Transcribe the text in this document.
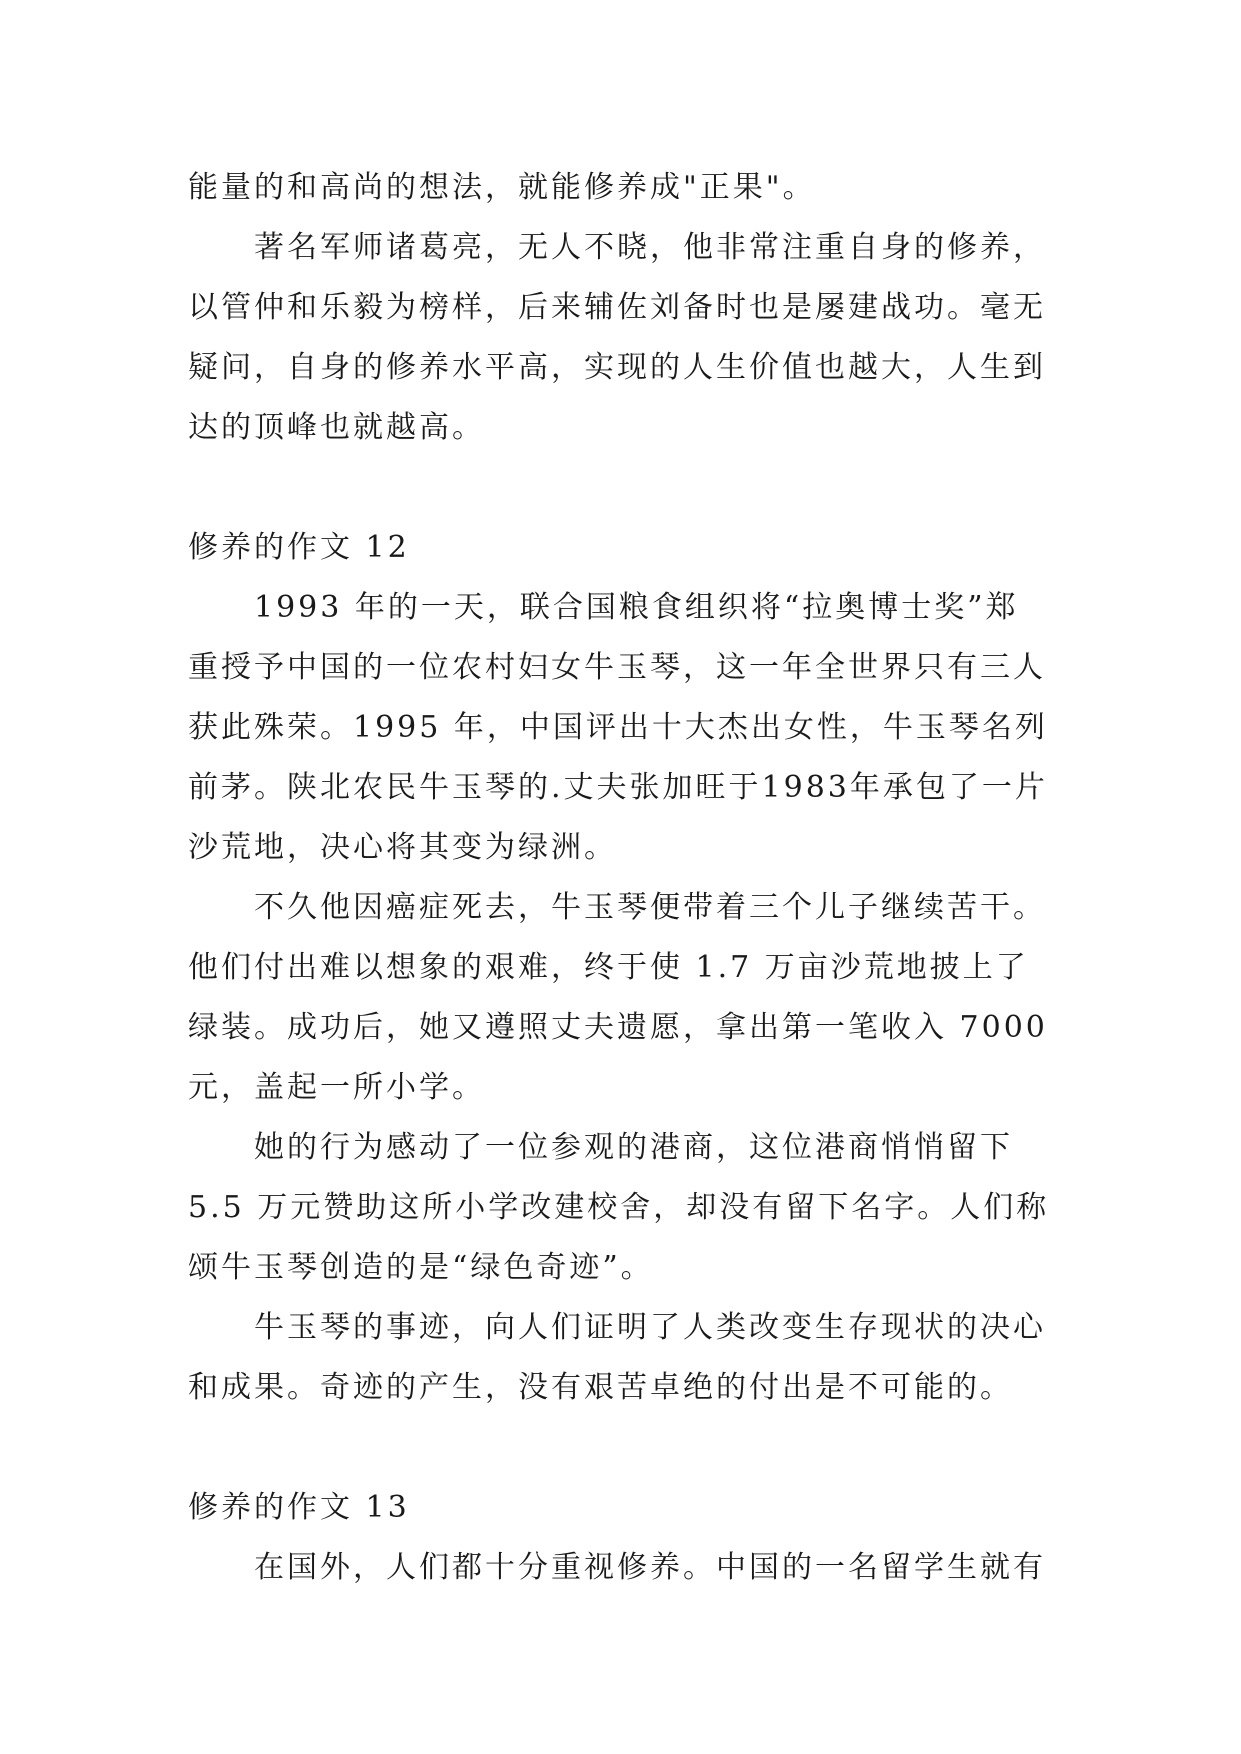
能量的和高尚的想法，就能修养成"正果"。

著名军师诸葛亮，无人不晓，他非常注重自身的修养，以管仲和乐毅为榜样，后来辅佐刘备时也是屡建战功。毫无疑问，自身的修养水平高，实现的人生价值也越大，人生到达的顶峰也就越高。

修养的作文 12

1993 年的一天，联合国粮食组织将“拉奥博士奖”郑重授予中国的一位农村妇女牛玉琴，这一年全世界只有三人获此殊荣。1995 年，中国评出十大杰出女性，牛玉琴名列前茅。陕北农民牛玉琴的.丈夫张加旺于1983年承包了一片沙荒地，决心将其变为绿洲。

不久他因癌症死去，牛玉琴便带着三个儿子继续苦干。他们付出难以想象的艰难，终于使 1.7 万亩沙荒地披上了绿装。成功后，她又遵照丈夫遗愿，拿出第一笔收入 7000 元，盖起一所小学。

她的行为感动了一位参观的港商，这位港商悄悄留下 5.5 万元赞助这所小学改建校舍，却没有留下名字。人们称颂牛玉琴创造的是“绿色奇迹”。

牛玉琴的事迹，向人们证明了人类改变生存现状的决心和成果。奇迹的产生，没有艰苦卓绝的付出是不可能的。

修养的作文 13

在国外，人们都十分重视修养。中国的一名留学生就有
